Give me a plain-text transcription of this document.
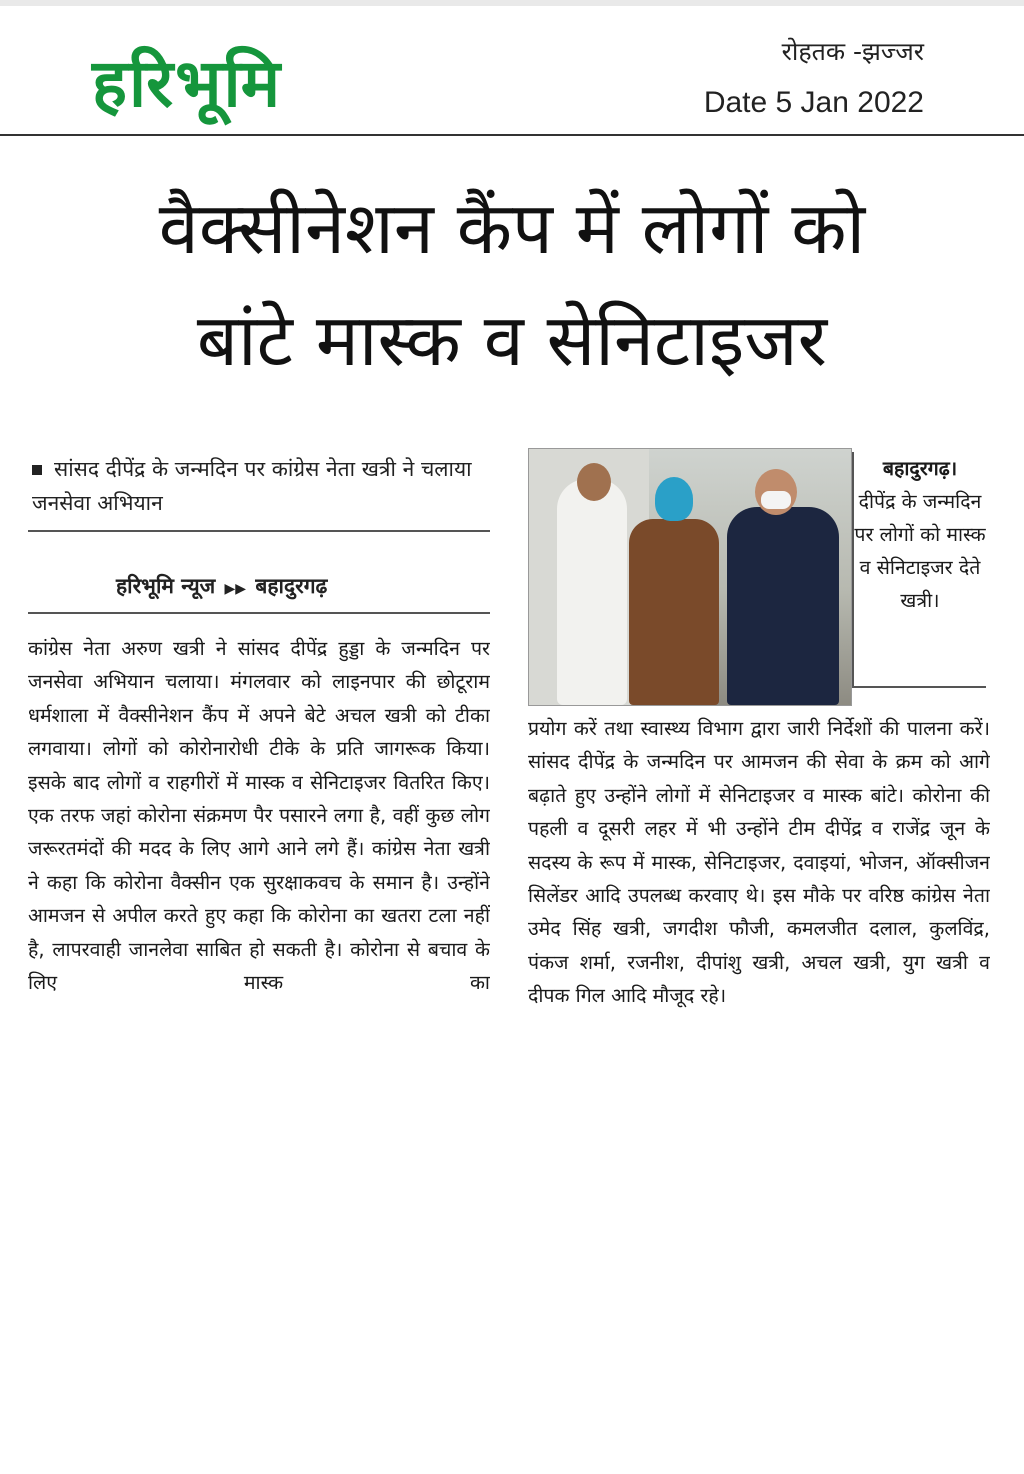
हरिभूमि	रोहतक -झज्जर
Date 5 Jan 2022
वैक्सीनेशन कैंप में लोगों को
बांटे मास्क व सेनिटाइजर
सांसद दीपेंद्र के जन्मदिन पर कांग्रेस नेता खत्री ने चलाया जनसेवा अभियान
हरिभूमि न्यूज ▶▶ बहादुरगढ़
कांग्रेस नेता अरुण खत्री ने सांसद दीपेंद्र हुड्डा के जन्मदिन पर जनसेवा अभियान चलाया। मंगलवार को लाइनपार की छोटूराम धर्मशाला में वैक्सीनेशन कैंप में अपने बेटे अचल खत्री को टीका लगवाया। लोगों को कोरोनारोधी टीके के प्रति जागरूक किया। इसके बाद लोगों व राहगीरों में मास्क व सेनिटाइजर वितरित किए। एक तरफ जहां कोरोना संक्रमण पैर पसारने लगा है, वहीं कुछ लोग जरूरतमंदों की मदद के लिए आगे आने लगे हैं। कांग्रेस नेता खत्री ने कहा कि कोरोना वैक्सीन एक सुरक्षाकवच के समान है। उन्होंने आमजन से अपील करते हुए कहा कि कोरोना का खतरा टला नहीं है, लापरवाही जानलेवा साबित हो सकती है। कोरोना से बचाव के लिए मास्क का
बहादुरगढ़।
दीपेंद्र के जन्मदिन पर लोगों को मास्क व सेनिटाइजर देते खत्री।
प्रयोग करें तथा स्वास्थ्य विभाग द्वारा जारी निर्देशों की पालना करें। सांसद दीपेंद्र के जन्मदिन पर आमजन की सेवा के क्रम को आगे बढ़ाते हुए उन्होंने लोगों में सेनिटाइजर व मास्क बांटे। कोरोना की पहली व दूसरी लहर में भी उन्होंने टीम दीपेंद्र व राजेंद्र जून के सदस्य के रूप में मास्क, सेनिटाइजर, दवाइयां, भोजन, ऑक्सीजन सिलेंडर आदि उपलब्ध करवाए थे। इस मौके पर वरिष्ठ कांग्रेस नेता उमेद सिंह खत्री, जगदीश फौजी, कमलजीत दलाल, कुलविंद्र, पंकज शर्मा, रजनीश, दीपांशु खत्री, अचल खत्री, युग खत्री व दीपक गिल आदि मौजूद रहे।
